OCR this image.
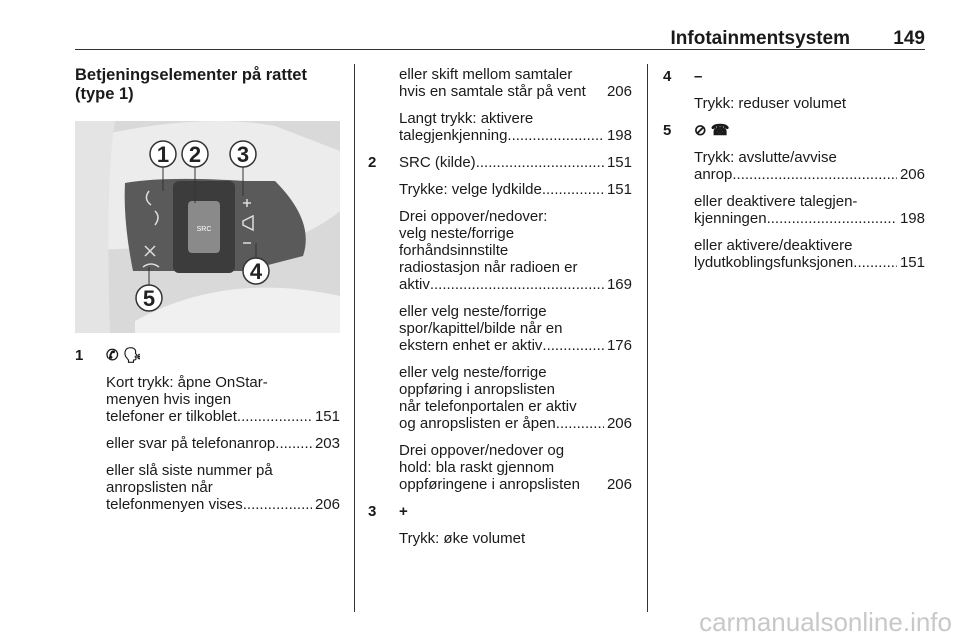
Infotainmentsystem	149
Betjeningselementer på rattet
(type 1)
SRC
1 2 3
4
5
1 ✆ 🗣
Kort trykk: åpne OnStar-
menyen hvis ingen
telefoner er tilkoblet .....	151
eller svar på telefonanrop .....	203
eller slå siste nummer på
anropslisten når
telefonmenyen vises .....	206
eller skift mellom samtaler
hvis en samtale står på vent 206
Langt trykk: aktivere
talegjenkjenning .....	198
2 SRC (kilde) .....	151
Trykke: velge lydkilde .....	151
Drei oppover/nedover:
velg neste/forrige
forhåndsinnstilte
radiostasjon når radioen er
aktiv .....	169
eller velg neste/forrige
spor/kapittel/bilde når en
ekstern enhet er aktiv .....	176
eller velg neste/forrige
oppføring i anropslisten
når telefonportalen er aktiv
og anropslisten er åpen .....	206
Drei oppover/nedover og
hold: bla raskt gjennom
oppføringene i anropslisten 206
3 +
Trykk: øke volumet
4 –
Trykk: reduser volumet
5 ⊘ ☎
Trykk: avslutte/avvise
anrop .....	206
eller deaktivere talegjen-
kjenningen .....	198
eller aktivere/deaktivere
lydutkoblingsfunksjonen .....	151
carmanualsonline.info
